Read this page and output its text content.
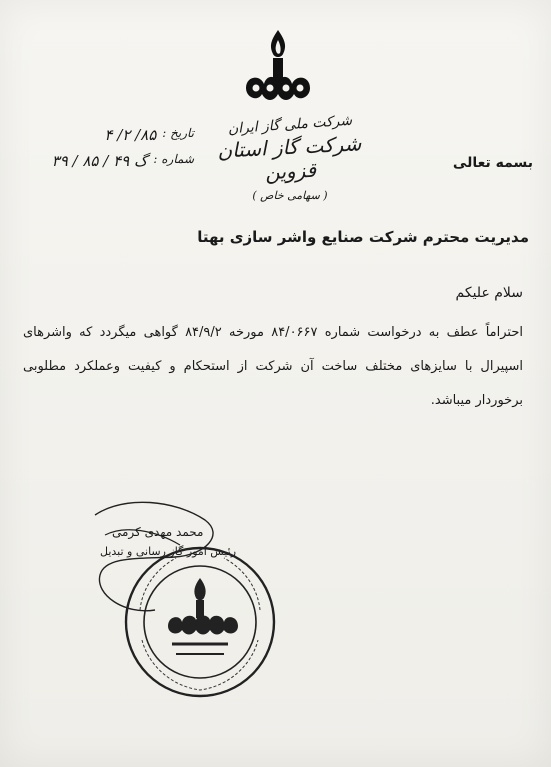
شرکت ملی گاز ایران
شرکت گاز استان قزوین
( سهامی خاص )
بسمه تعالی
تاریخ :
۸۵/ ۲/ ۴
شماره :
گ ۴۹ / ۸۵ / ۳۹
مدیریت محترم شرکت صنایع واشر سازی بهتا
سلام علیکم
احتراماً عطف به درخواست شماره ۸۴/۰۶۶۷ مورخه ۸۴/۹/۲ گواهی میگردد که واشرهای اسپیرال با سایزهای مختلف ساخت آن شرکت از استحکام و کیفیت وعملکرد مطلوبی برخوردار میباشد.
محمد مهدی کرمی
رئیس امور گاز رسانی و تبدیل
